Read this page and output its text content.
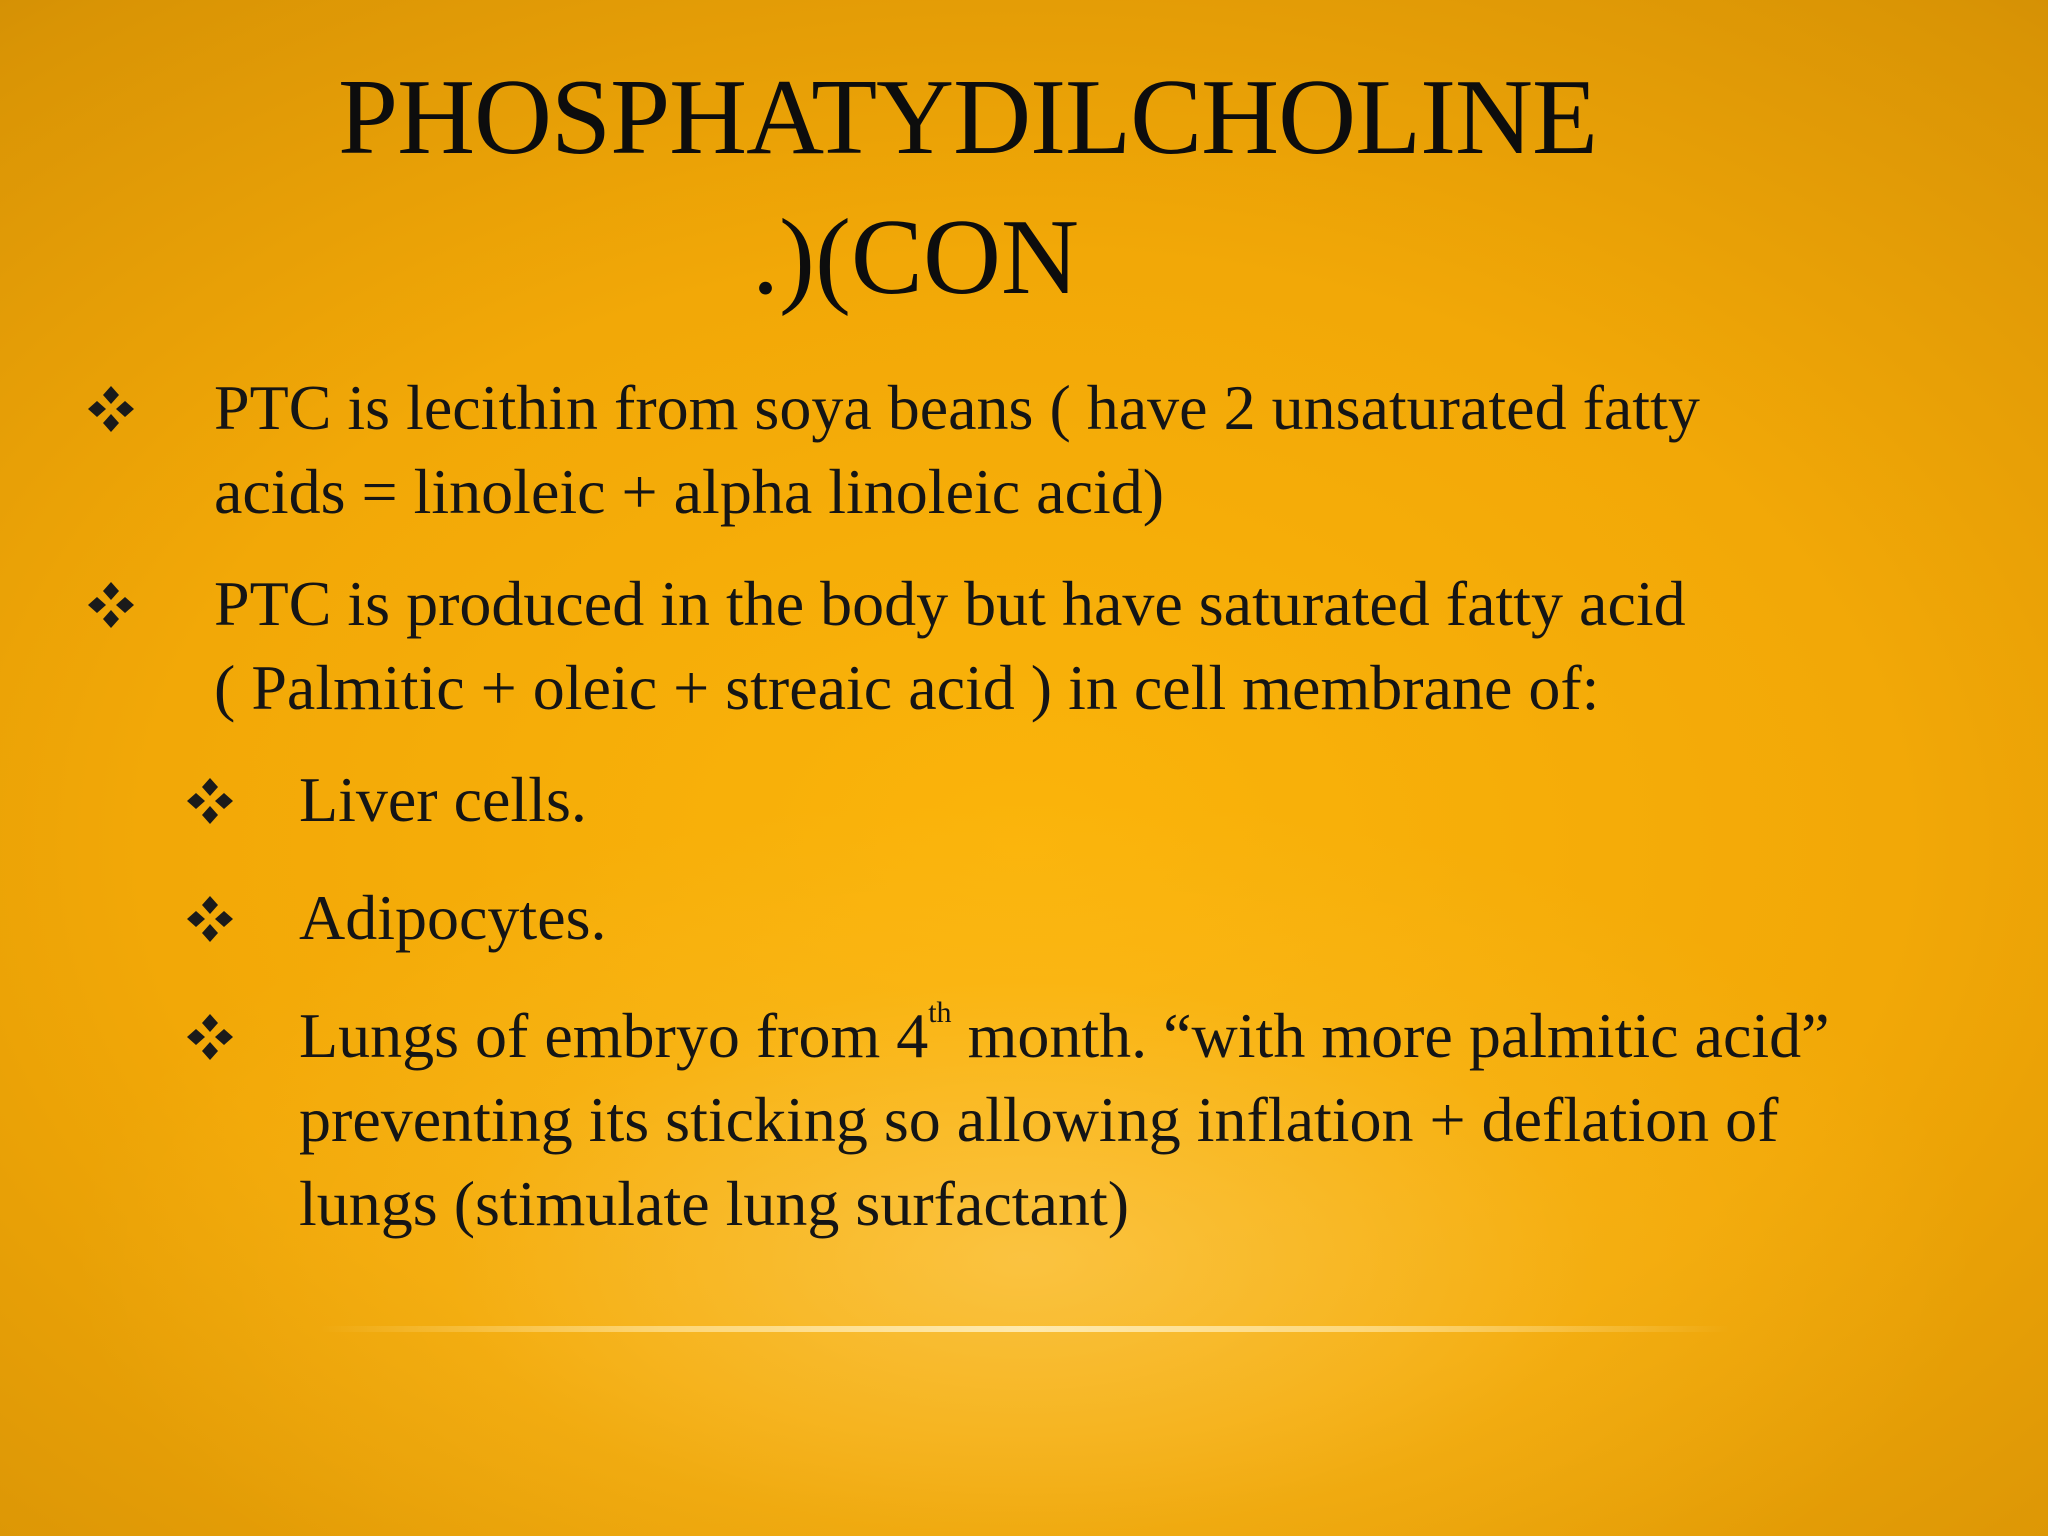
PHOSPHATYDILCHOLINE
.)(CON
PTC is lecithin from soya beans ( have 2 unsaturated fatty
acids = linoleic + alpha linoleic acid)
PTC is produced in the body but have saturated fatty acid
( Palmitic + oleic + streaic acid ) in cell membrane of:
Liver cells.
Adipocytes.
Lungs of embryo from 4th month. “with more palmitic acid”
preventing its sticking so allowing inflation + deflation of
lungs (stimulate lung surfactant)
